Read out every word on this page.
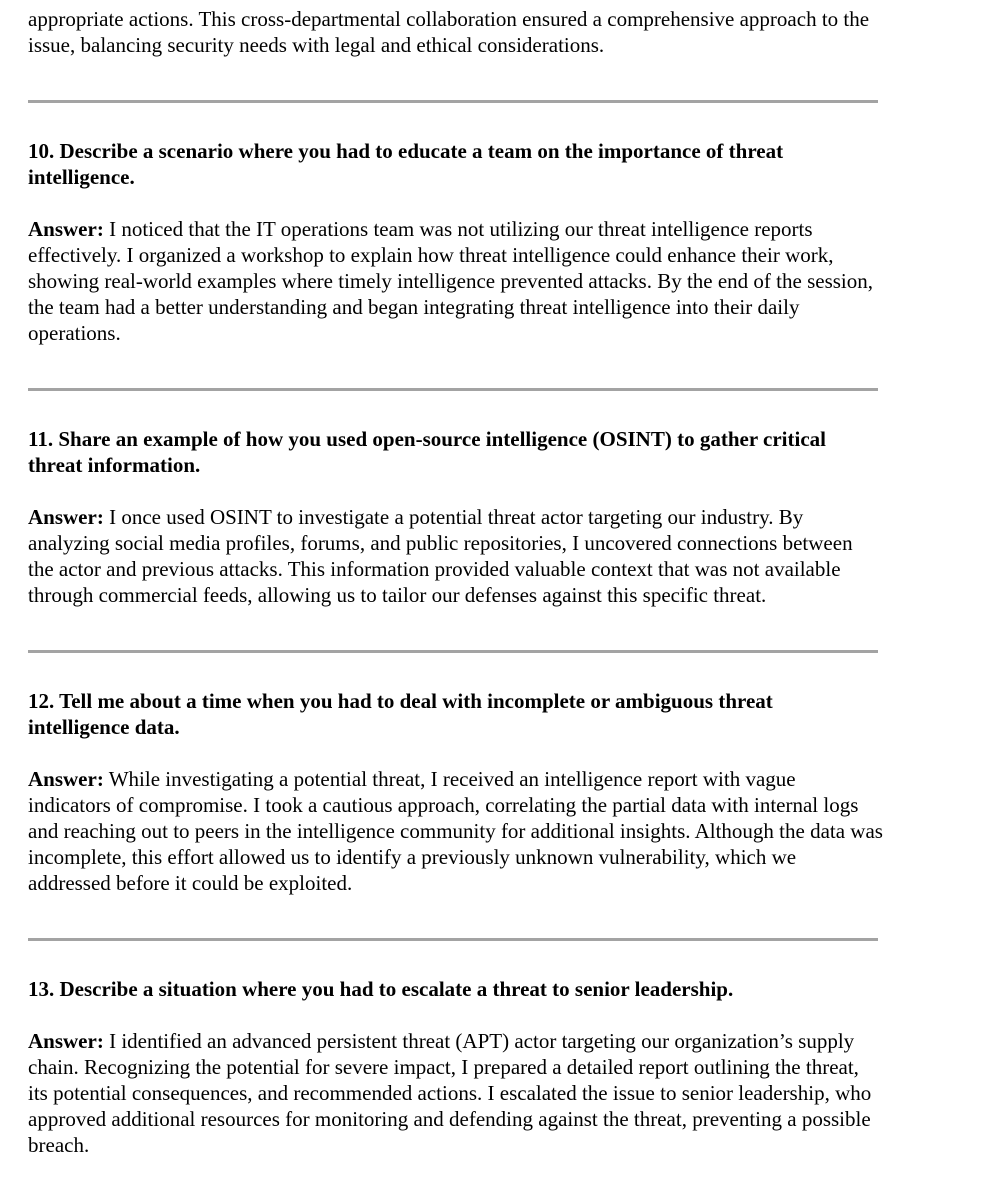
appropriate actions. This cross-departmental collaboration ensured a comprehensive approach to the issue, balancing security needs with legal and ethical considerations.

10. Describe a scenario where you had to educate a team on the importance of threat intelligence.

Answer: I noticed that the IT operations team was not utilizing our threat intelligence reports effectively. I organized a workshop to explain how threat intelligence could enhance their work, showing real-world examples where timely intelligence prevented attacks. By the end of the session, the team had a better understanding and began integrating threat intelligence into their daily operations.

11. Share an example of how you used open-source intelligence (OSINT) to gather critical threat information.

Answer: I once used OSINT to investigate a potential threat actor targeting our industry. By analyzing social media profiles, forums, and public repositories, I uncovered connections between the actor and previous attacks. This information provided valuable context that was not available through commercial feeds, allowing us to tailor our defenses against this specific threat.

12. Tell me about a time when you had to deal with incomplete or ambiguous threat intelligence data.

Answer: While investigating a potential threat, I received an intelligence report with vague indicators of compromise. I took a cautious approach, correlating the partial data with internal logs and reaching out to peers in the intelligence community for additional insights. Although the data was incomplete, this effort allowed us to identify a previously unknown vulnerability, which we addressed before it could be exploited.

13. Describe a situation where you had to escalate a threat to senior leadership.

Answer: I identified an advanced persistent threat (APT) actor targeting our organization’s supply chain. Recognizing the potential for severe impact, I prepared a detailed report outlining the threat, its potential consequences, and recommended actions. I escalated the issue to senior leadership, who approved additional resources for monitoring and defending against the threat, preventing a possible breach.
